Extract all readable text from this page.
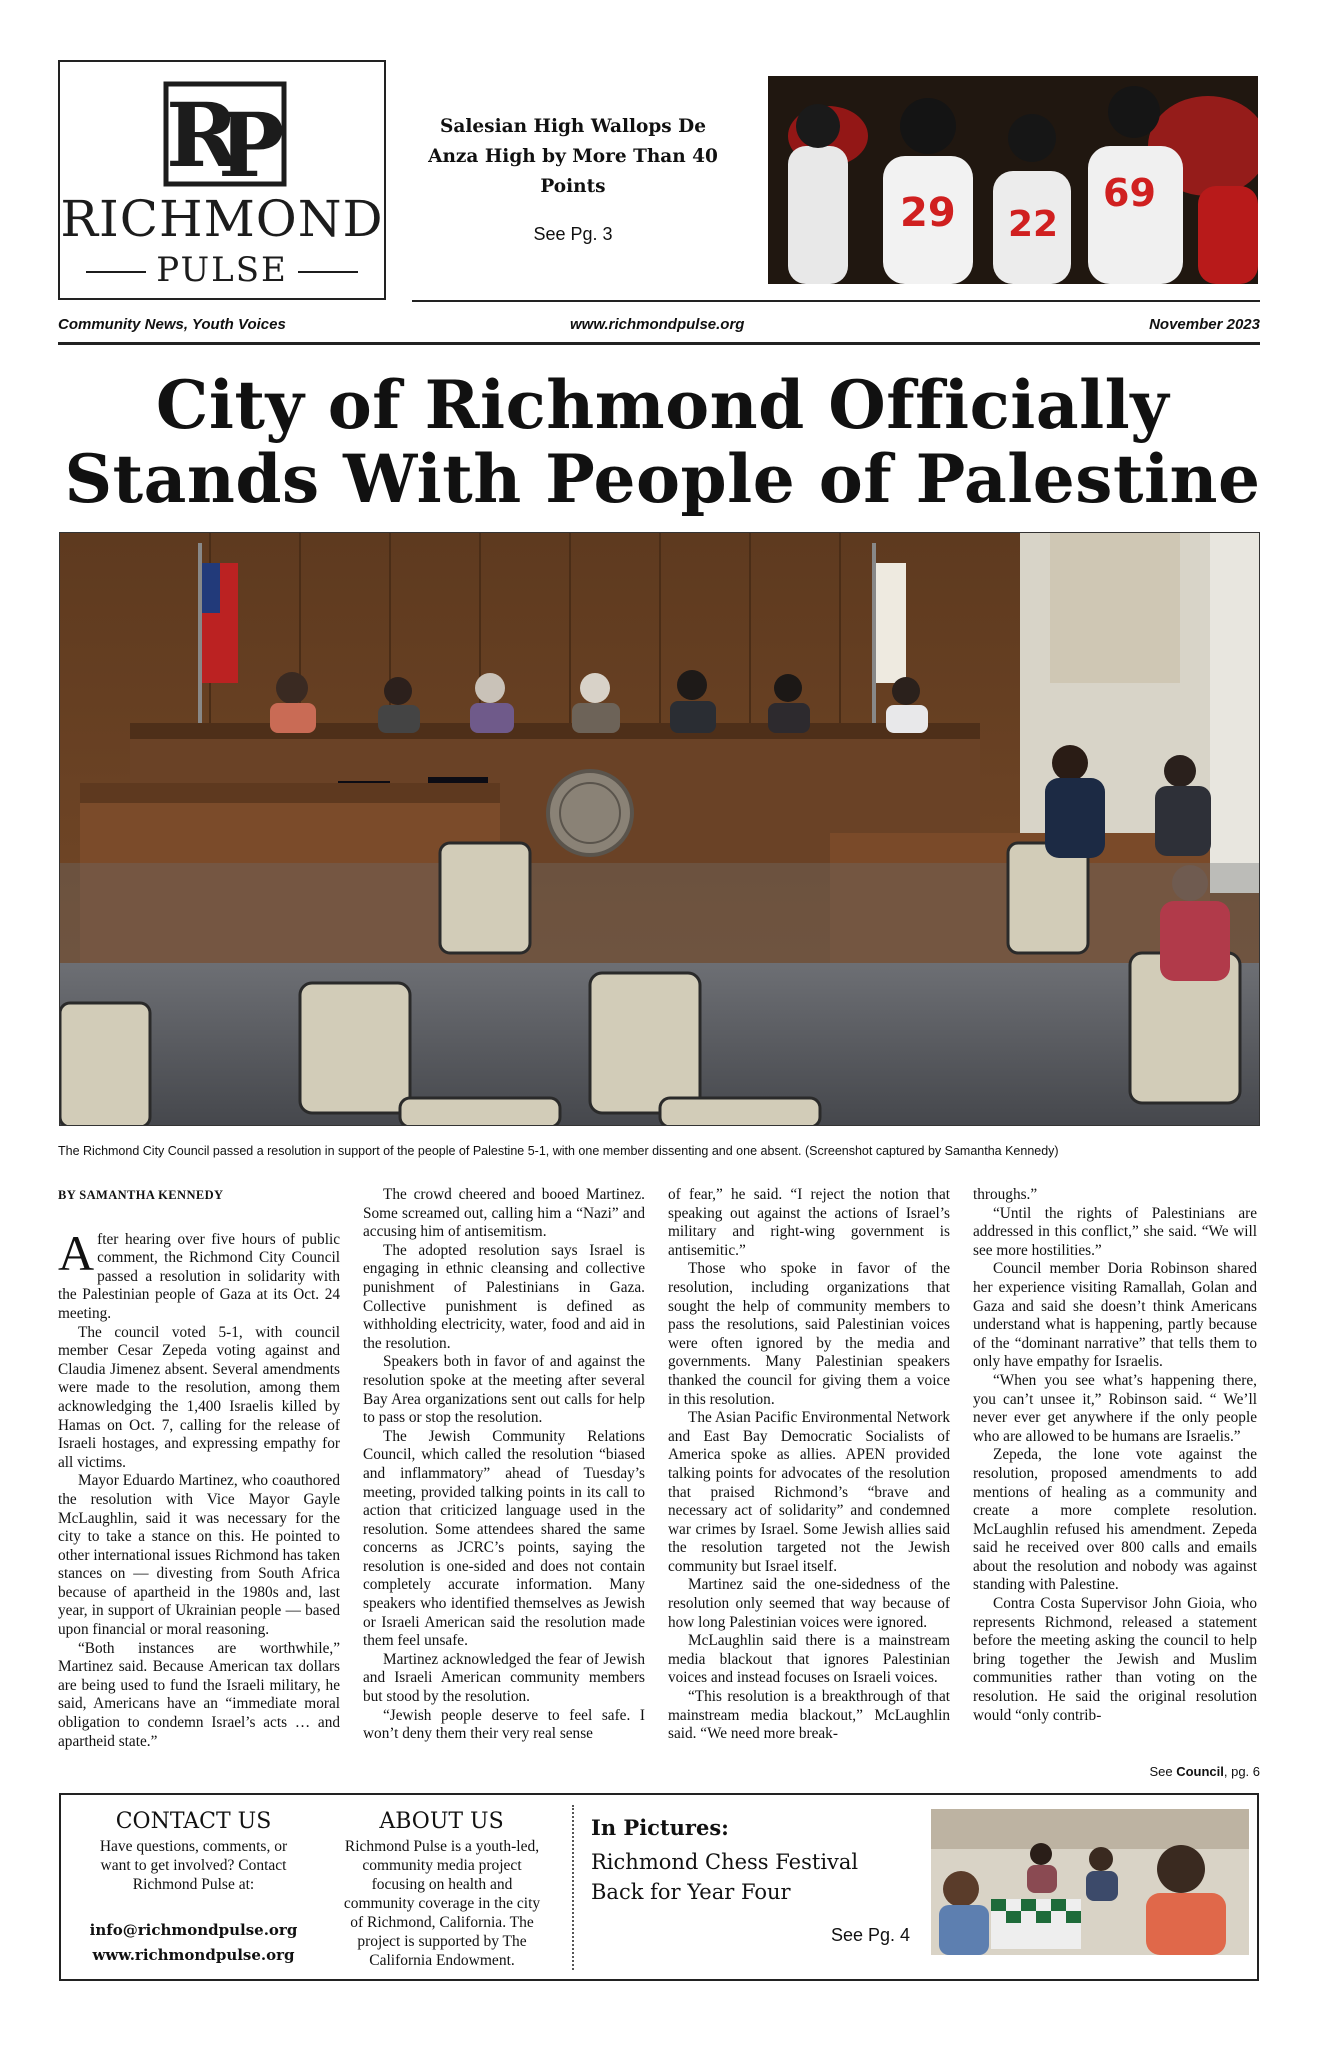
R
P
RICHMOND
PULSE
Salesian High Wallops De Anza High by More Than 40 Points
See Pg. 3	29 22
69
Community News, Youth Voices	www.richmondpulse.org	November 2023
City of Richmond Officially Stands With People of Palestine
The Richmond City Council passed a resolution in support of the people of Palestine 5-1, with one member dissenting and one absent. (Screenshot captured by Samantha Kennedy)

BY SAMANTHA KENNEDY

After hearing over five hours of public comment, the Richmond City Council passed a resolution in solidarity with the Palestinian people of Gaza at its Oct. 24 meeting.

The council voted 5-1, with council member Cesar Zepeda voting against and Claudia Jimenez absent. Several amendments were made to the resolution, among them acknowledging the 1,400 Israelis killed by Hamas on Oct. 7, calling for the release of Israeli hostages, and expressing empathy for all victims.

Mayor Eduardo Martinez, who coauthored the resolution with Vice Mayor Gayle McLaughlin, said it was necessary for the city to take a stance on this. He pointed to other international issues Richmond has taken stances on — divesting from South Africa because of apartheid in the 1980s and, last year, in support of Ukrainian people — based upon financial or moral reasoning.

“Both instances are worthwhile,” Martinez said. Because American tax dollars are being used to fund the Israeli military, he said, Americans have an “immediate moral obligation to condemn Israel’s acts … and apartheid state.”

The crowd cheered and booed Martinez. Some screamed out, calling him a “Nazi” and accusing him of antisemitism.

The adopted resolution says Israel is engaging in ethnic cleansing and collective punishment of Palestinians in Gaza. Collective punishment is defined as withholding electricity, water, food and aid in the resolution.

Speakers both in favor of and against the resolution spoke at the meeting after several Bay Area organizations sent out calls for help to pass or stop the resolution.

The Jewish Community Relations Council, which called the resolution “biased and inflammatory” ahead of Tuesday’s meeting, provided talking points in its call to action that criticized language used in the resolution. Some attendees shared the same concerns as JCRC’s points, saying the resolution is one-sided and does not contain completely accurate information. Many speakers who identified themselves as Jewish or Israeli American said the resolution made them feel unsafe.

Martinez acknowledged the fear of Jewish and Israeli American community members but stood by the resolution.

“Jewish people deserve to feel safe. I won’t deny them their very real sense

of fear,” he said. “I reject the notion that speaking out against the actions of Israel’s military and right-wing government is antisemitic.”

Those who spoke in favor of the resolution, including organizations that sought the help of community members to pass the resolutions, said Palestinian voices were often ignored by the media and governments. Many Palestinian speakers thanked the council for giving them a voice in this resolution.

The Asian Pacific Environmental Network and East Bay Democratic Socialists of America spoke as allies. APEN provided talking points for advocates of the resolution that praised Richmond’s “brave and necessary act of solidarity” and condemned war crimes by Israel. Some Jewish allies said the resolution targeted not the Jewish community but Israel itself.

Martinez said the one-sidedness of the resolution only seemed that way because of how long Palestinian voices were ignored.

McLaughlin said there is a mainstream media blackout that ignores Palestinian voices and instead focuses on Israeli voices.

“This resolution is a breakthrough of that mainstream media blackout,” McLaughlin said. “We need more break-

throughs.”

“Until the rights of Palestinians are addressed in this conflict,” she said. “We will see more hostilities.”

Council member Doria Robinson shared her experience visiting Ramallah, Golan and Gaza and said she doesn’t think Americans understand what is happening, partly because of the “dominant narrative” that tells them to only have empathy for Israelis.

“When you see what’s happening there, you can’t unsee it,” Robinson said. “ We’ll never ever get anywhere if the only people who are allowed to be humans are Israelis.”

Zepeda, the lone vote against the resolution, proposed amendments to add mentions of healing as a community and create a more complete resolution. McLaughlin refused his amendment. Zepeda said he received over 800 calls and emails about the resolution and nobody was against standing with Palestine.

Contra Costa Supervisor John Gioia, who represents Richmond, released a statement before the meeting asking the council to help bring together the Jewish and Muslim communities rather than voting on the resolution. He said the original resolution would “only contrib-

See Council, pg. 6
CONTACT US
Have questions, comments, or want to get involved? Contact Richmond Pulse at:
info@richmondpulse.org
www.richmondpulse.org
ABOUT US
Richmond Pulse is a youth-led, community media project focusing on health and community coverage in the city of Richmond, California. The project is supported by The California Endowment.
In Pictures:
Richmond Chess Festival Back for Year Four
See Pg. 4
